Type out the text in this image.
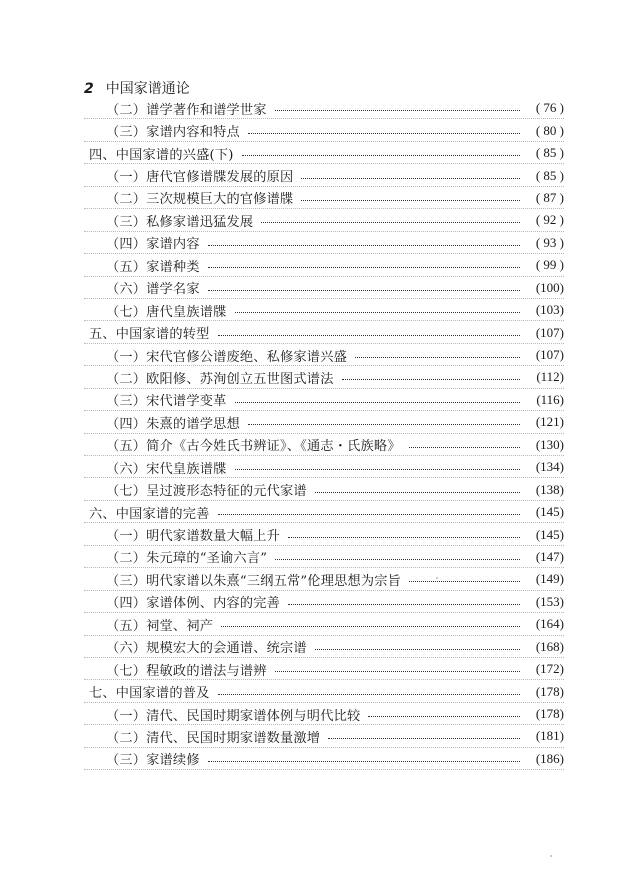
2 中国家谱通论
（二）谱学著作和谱学世家	( 76 )
（三）家谱内容和特点	( 80 )
四、中国家谱的兴盛(下)	( 85 )
（一）唐代官修谱牒发展的原因	( 85 )
（二）三次规模巨大的官修谱牒	( 87 )
（三）私修家谱迅猛发展	( 92 )
（四）家谱内容	( 93 )
（五）家谱种类	( 99 )
（六）谱学名家	(100)
（七）唐代皇族谱牒	(103)
五、中国家谱的转型	(107)
（一）宋代官修公谱废绝、私修家谱兴盛	(107)
（二）欧阳修、苏洵创立五世图式谱法	(112)
（三）宋代谱学变革	(116)
（四）朱熹的谱学思想	(121)
（五）简介《古今姓氏书辨证》、《通志・氏族略》	(130)
（六）宋代皇族谱牒	(134)
（七）呈过渡形态特征的元代家谱	(138)
六、中国家谱的完善	(145)
（一）明代家谱数量大幅上升	(145)
（二）朱元璋的“圣谕六言”	(147)
（三）明代家谱以朱熹“三纲五常”伦理思想为宗旨	(149)
（四）家谱体例、内容的完善	(153)
（五）祠堂、祠产	(164)
（六）规模宏大的会通谱、统宗谱	(168)
（七）程敏政的谱法与谱辨	(172)
七、中国家谱的普及	(178)
（一）清代、民国时期家谱体例与明代比较	(178)
（二）清代、民国时期家谱数量激增	(181)
（三）家谱续修	(186)
